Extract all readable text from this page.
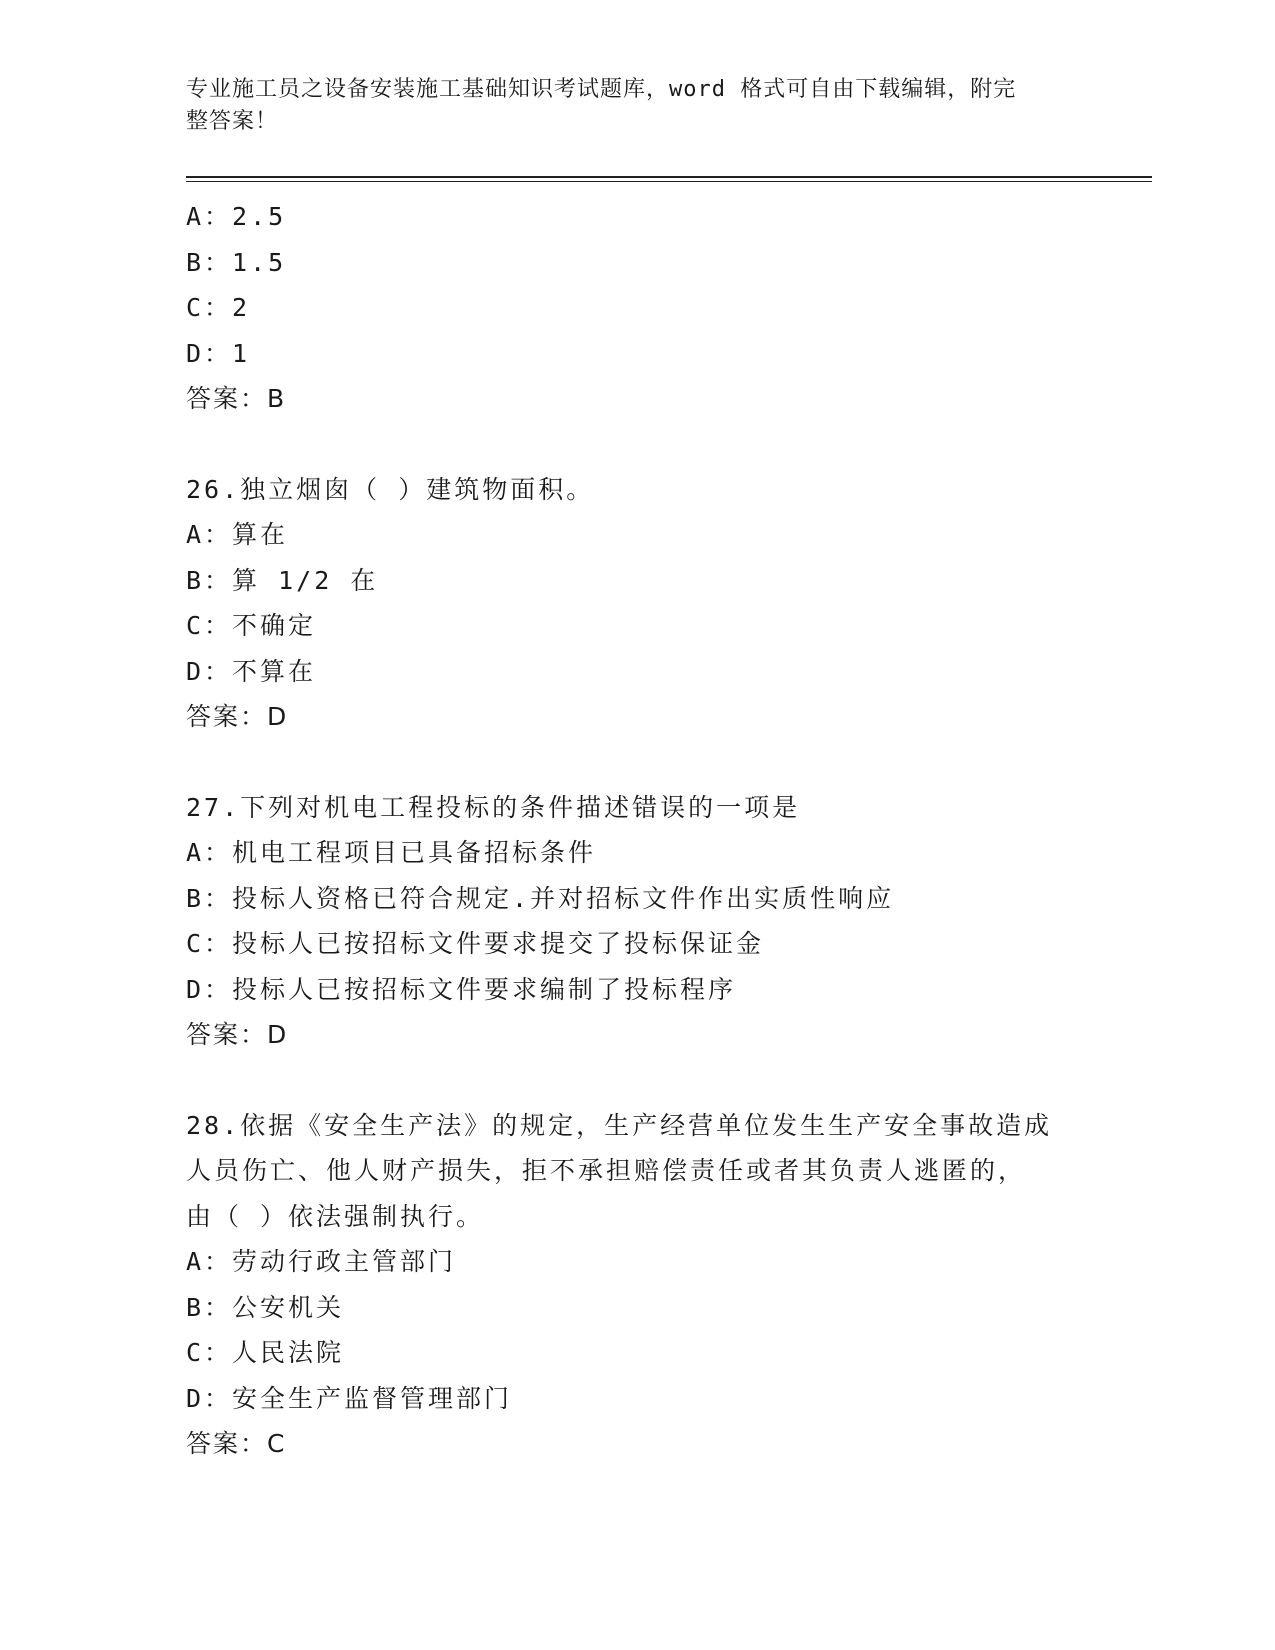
专业施工员之设备安装施工基础知识考试题库，word 格式可自由下载编辑，附完
整答案！
A：2.5
B：1.5
C：2
D：1
答案：B
26.独立烟囱（ ）建筑物面积。
A：算在
B：算 1/2 在
C：不确定
D：不算在
答案：D
27.下列对机电工程投标的条件描述错误的一项是
A：机电工程项目已具备招标条件
B：投标人资格已符合规定.并对招标文件作出实质性响应
C：投标人已按招标文件要求提交了投标保证金
D：投标人已按招标文件要求编制了投标程序
答案：D
28.依据《安全生产法》的规定，生产经营单位发生生产安全事故造成
人员伤亡、他人财产损失，拒不承担赔偿责任或者其负责人逃匿的，
由（ ）依法强制执行。
A：劳动行政主管部门
B：公安机关
C：人民法院
D：安全生产监督管理部门
答案：C
